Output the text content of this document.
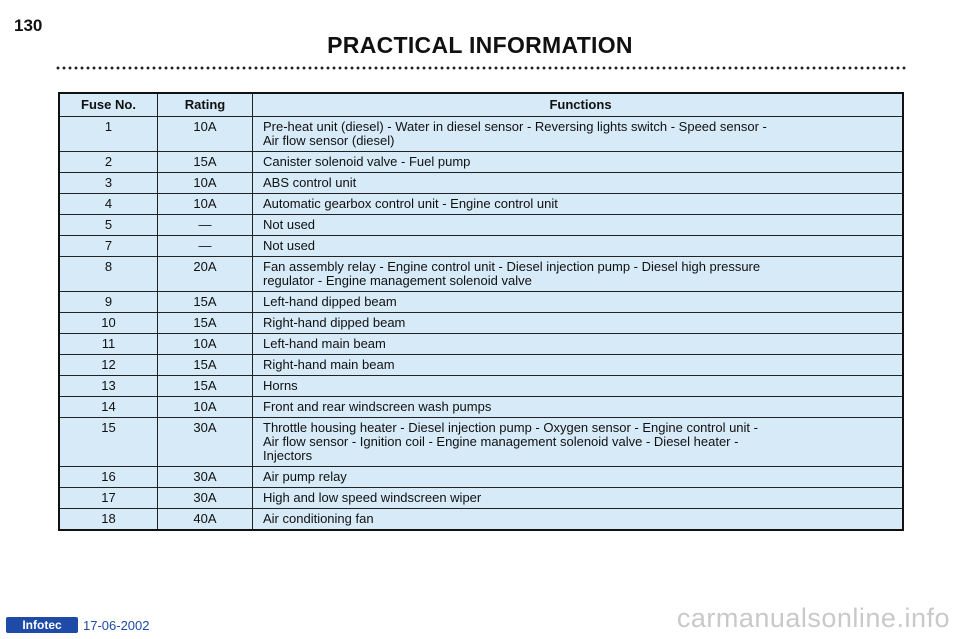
130
PRACTICAL INFORMATION
Fuse No.	Rating	Functions
1	10A	Pre-heat unit (diesel) - Water in diesel sensor - Reversing lights switch - Speed sensor -
Air flow sensor (diesel)

2	15A	Canister solenoid valve - Fuel pump

3	10A	ABS control unit

4	10A	Automatic gearbox control unit - Engine control unit

5	—	Not used

7	—	Not used

8	20A	Fan assembly relay - Engine control unit - Diesel injection pump - Diesel high pressure
regulator - Engine management solenoid valve

9	15A	Left-hand dipped beam

10	15A	Right-hand dipped beam

11	10A	Left-hand main beam

12	15A	Right-hand main beam

13	15A	Horns

14	10A	Front and rear windscreen wash pumps

15	30A	Throttle housing heater - Diesel injection pump - Oxygen sensor - Engine control unit -
Air flow sensor - Ignition coil - Engine management solenoid valve - Diesel heater -
Injectors

16	30A	Air pump relay

17	30A	High and low speed windscreen wiper

18	40A	Air conditioning fan
Infotec	17-06-2002	carmanualsonline.info
